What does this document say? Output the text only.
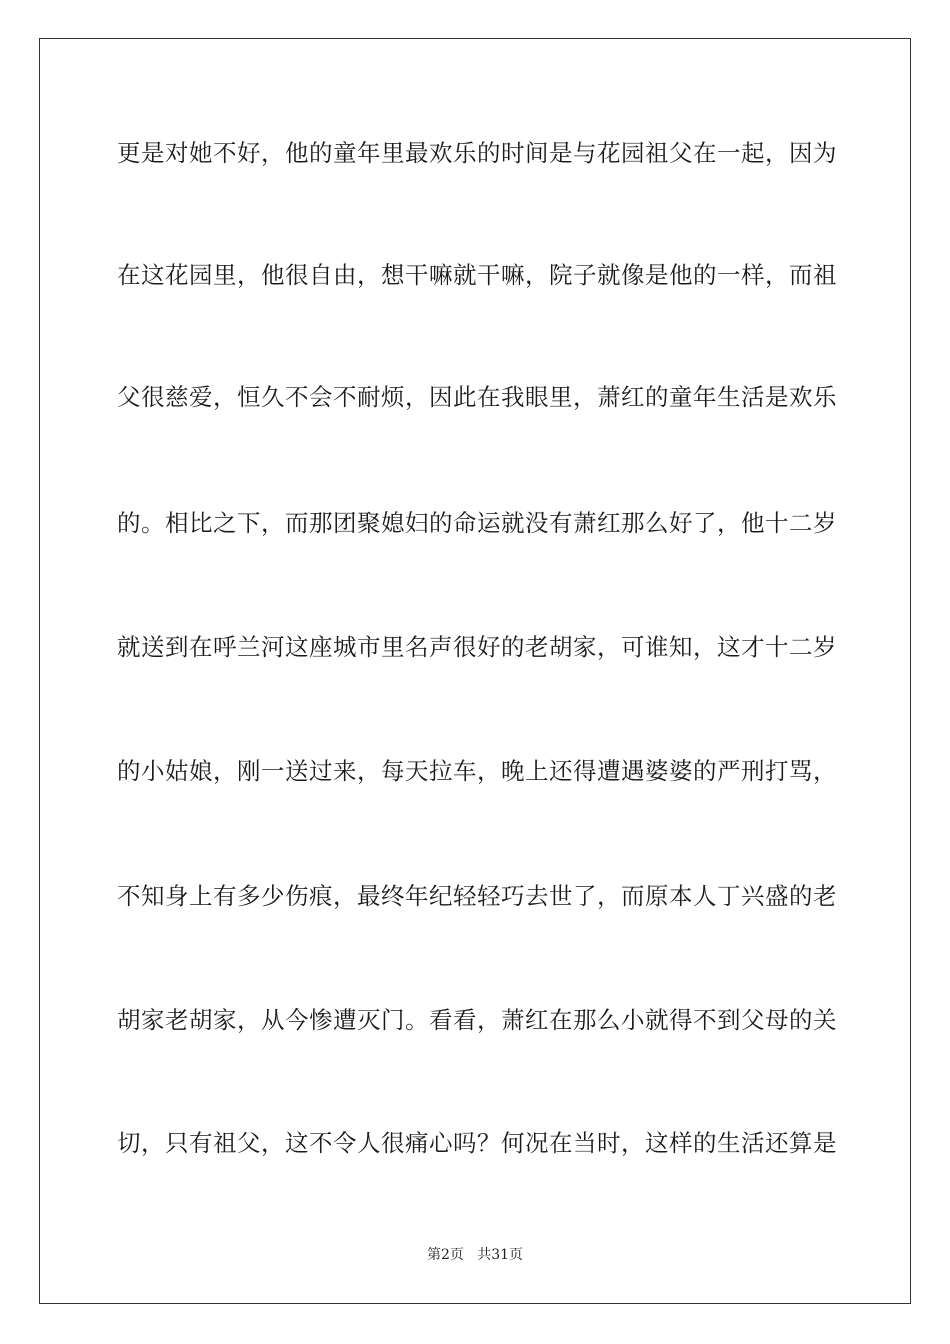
更是对她不好，他的童年里最欢乐的时间是与花园祖父在一起，因为
在这花园里，他很自由，想干嘛就干嘛，院子就像是他的一样，而祖
父很慈爱，恒久不会不耐烦，因此在我眼里，萧红的童年生活是欢乐
的。相比之下，而那团聚媳妇的命运就没有萧红那么好了，他十二岁
就送到在呼兰河这座城市里名声很好的老胡家，可谁知，这才十二岁
的小姑娘，刚一送过来，每天拉车，晚上还得遭遇婆婆的严刑打骂，
不知身上有多少伤痕，最终年纪轻轻巧去世了，而原本人丁兴盛的老
胡家老胡家，从今惨遭灭门。看看，萧红在那么小就得不到父母的关
切，只有祖父，这不令人很痛心吗？何况在当时，这样的生活还算是
第2页   共31页
